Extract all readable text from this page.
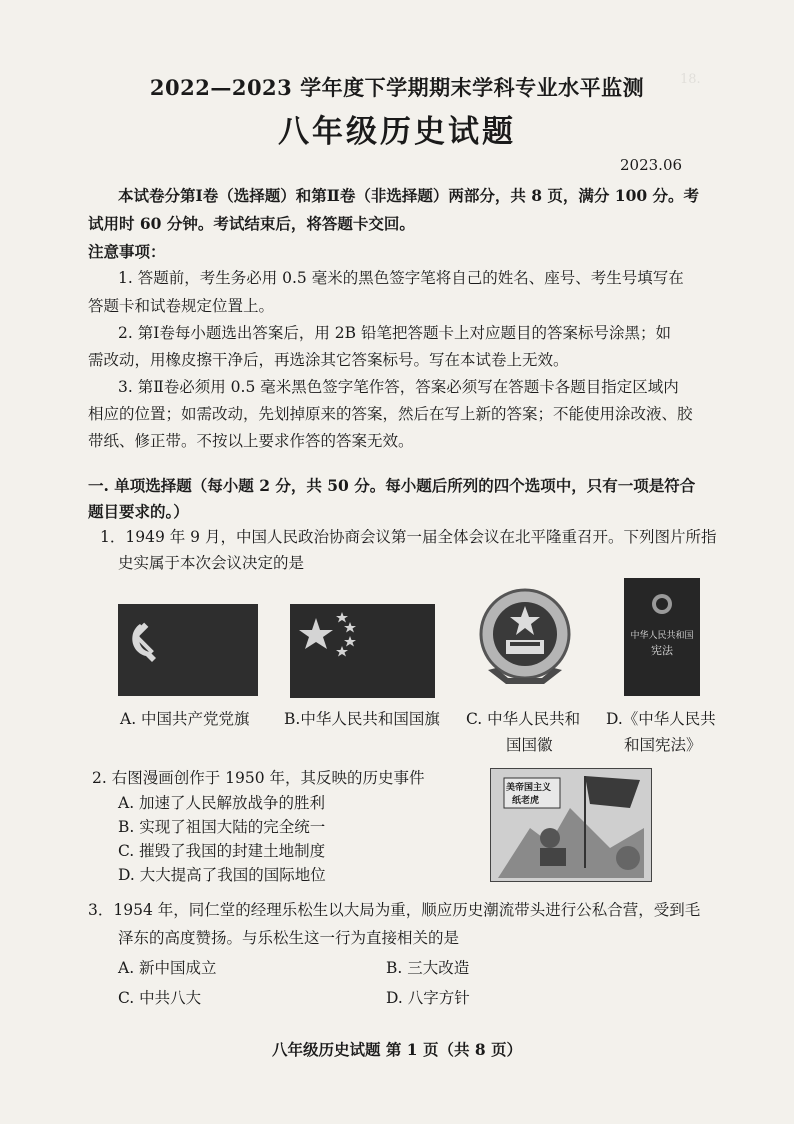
18.
2022—2023 学年度下学期期末学科专业水平监测
八年级历史试题
2023.06
本试卷分第Ⅰ卷（选择题）和第Ⅱ卷（非选择题）两部分，共 8 页，满分 100 分。考
试用时 60 分钟。考试结束后，将答题卡交回。
注意事项：
1. 答题前，考生务必用 0.5 毫米的黑色签字笔将自己的姓名、座号、考生号填写在
答题卡和试卷规定位置上。
2. 第Ⅰ卷每小题选出答案后，用 2B 铅笔把答题卡上对应题目的答案标号涂黑；如
需改动，用橡皮擦干净后，再选涂其它答案标号。写在本试卷上无效。
3. 第Ⅱ卷必须用 0.5 毫米黑色签字笔作答，答案必须写在答题卡各题目指定区域内
相应的位置；如需改动，先划掉原来的答案，然后在写上新的答案；不能使用涂改液、胶
带纸、修正带。不按以上要求作答的答案无效。
一. 单项选择题（每小题 2 分，共 50 分。每小题后所列的四个选项中，只有一项是符合
题目要求的。）
1．1949 年 9 月，中国人民政治协商会议第一届全体会议在北平隆重召开。下列图片所指
史实属于本次会议决定的是
中华人民共和国
宪法
A. 中国共产党党旗 B.中华人民共和国国旗 C. 中华人民共和
国国徽
D.《中华人民共
和国宪法》
2. 右图漫画创作于 1950 年，其反映的历史事件
A. 加速了人民解放战争的胜利
B. 实现了祖国大陆的完全统一
C. 摧毁了我国的封建土地制度
D. 大大提高了我国的国际地位
美帝国主义
纸老虎
3．1954 年，同仁堂的经理乐松生以大局为重，顺应历史潮流带头进行公私合营，受到毛
泽东的高度赞扬。与乐松生这一行为直接相关的是
A. 新中国成立	B. 三大改造
C. 中共八大	D. 八字方针
八年级历史试题 第 1 页（共 8 页）
